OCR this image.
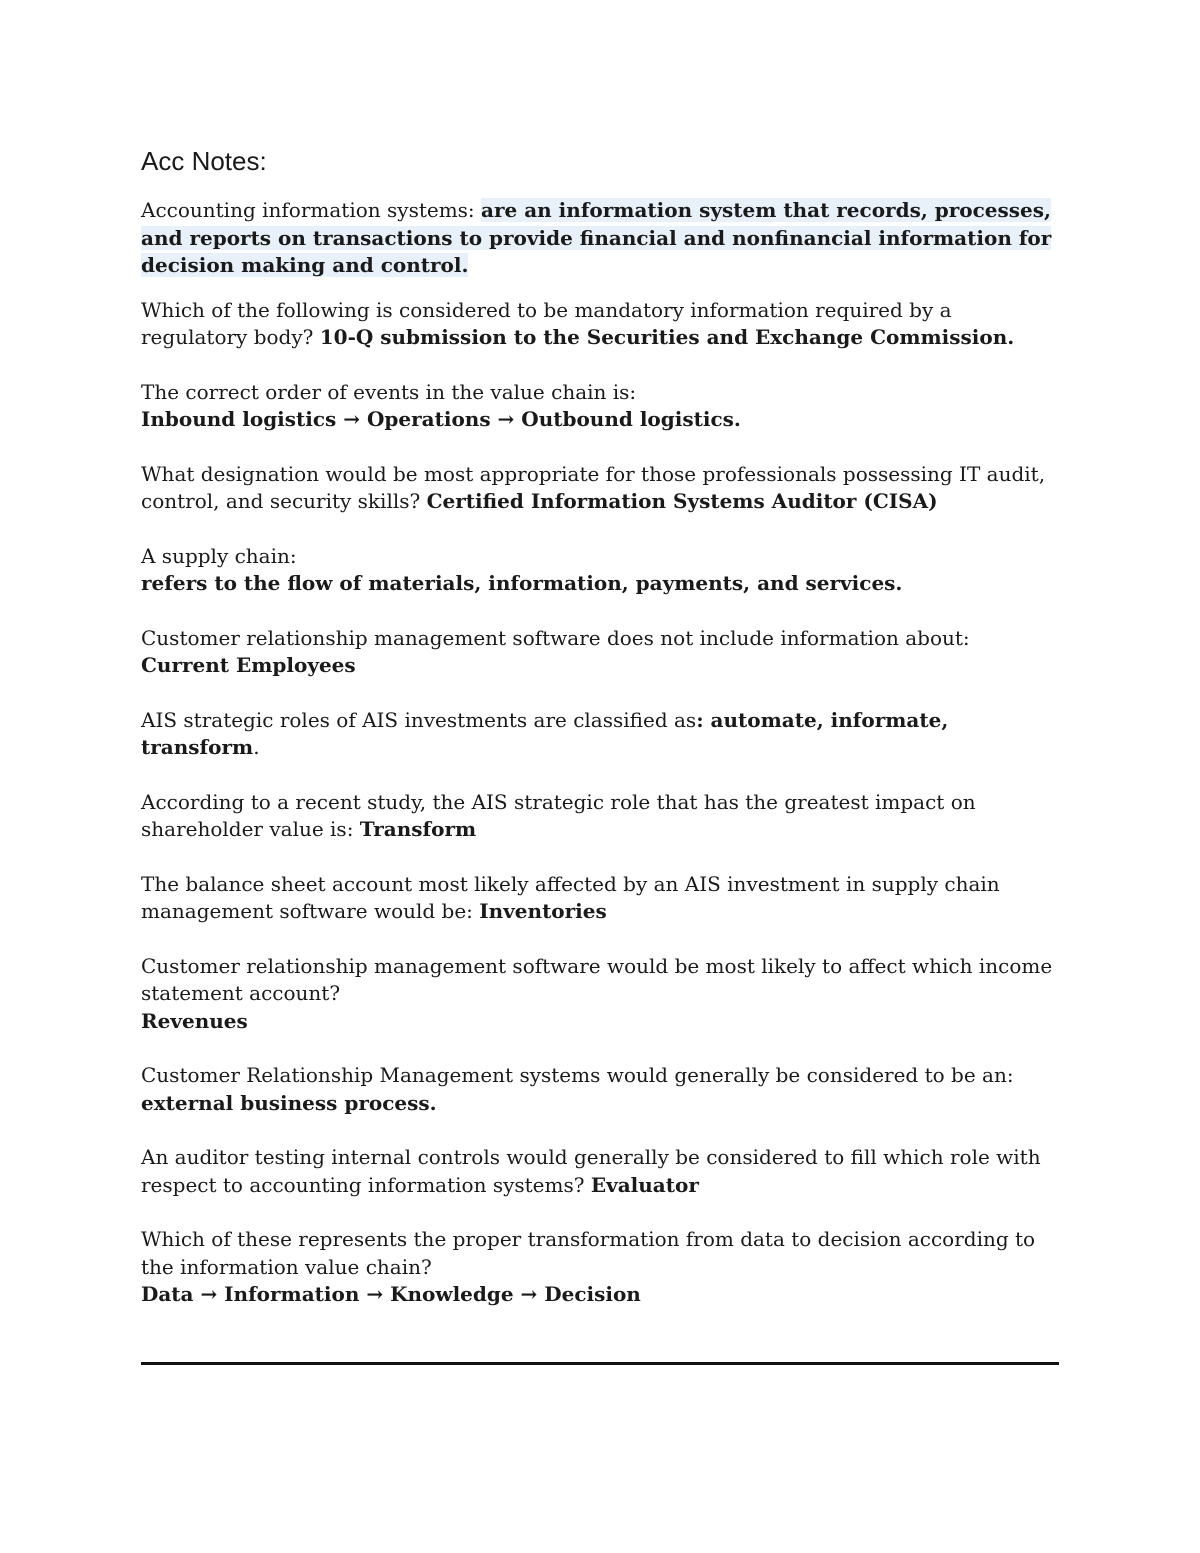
Acc Notes:

Accounting information systems: are an information system that records, processes, and reports on transactions to provide financial and nonfinancial information for decision making and control.

Which of the following is considered to be mandatory information required by a regulatory body? 10-Q submission to the Securities and Exchange Commission.

The correct order of events in the value chain is:
Inbound logistics → Operations → Outbound logistics.

What designation would be most appropriate for those professionals possessing IT audit, control, and security skills? Certified Information Systems Auditor (CISA)

A supply chain:
refers to the flow of materials, information, payments, and services.

Customer relationship management software does not include information about: Current Employees

AIS strategic roles of AIS investments are classified as: automate, informate, transform.

According to a recent study, the AIS strategic role that has the greatest impact on shareholder value is: Transform

The balance sheet account most likely affected by an AIS investment in supply chain management software would be: Inventories

Customer relationship management software would be most likely to affect which income statement account?
Revenues

Customer Relationship Management systems would generally be considered to be an:
external business process.

An auditor testing internal controls would generally be considered to fill which role with respect to accounting information systems? Evaluator

Which of these represents the proper transformation from data to decision according to the information value chain?
Data → Information → Knowledge → Decision
